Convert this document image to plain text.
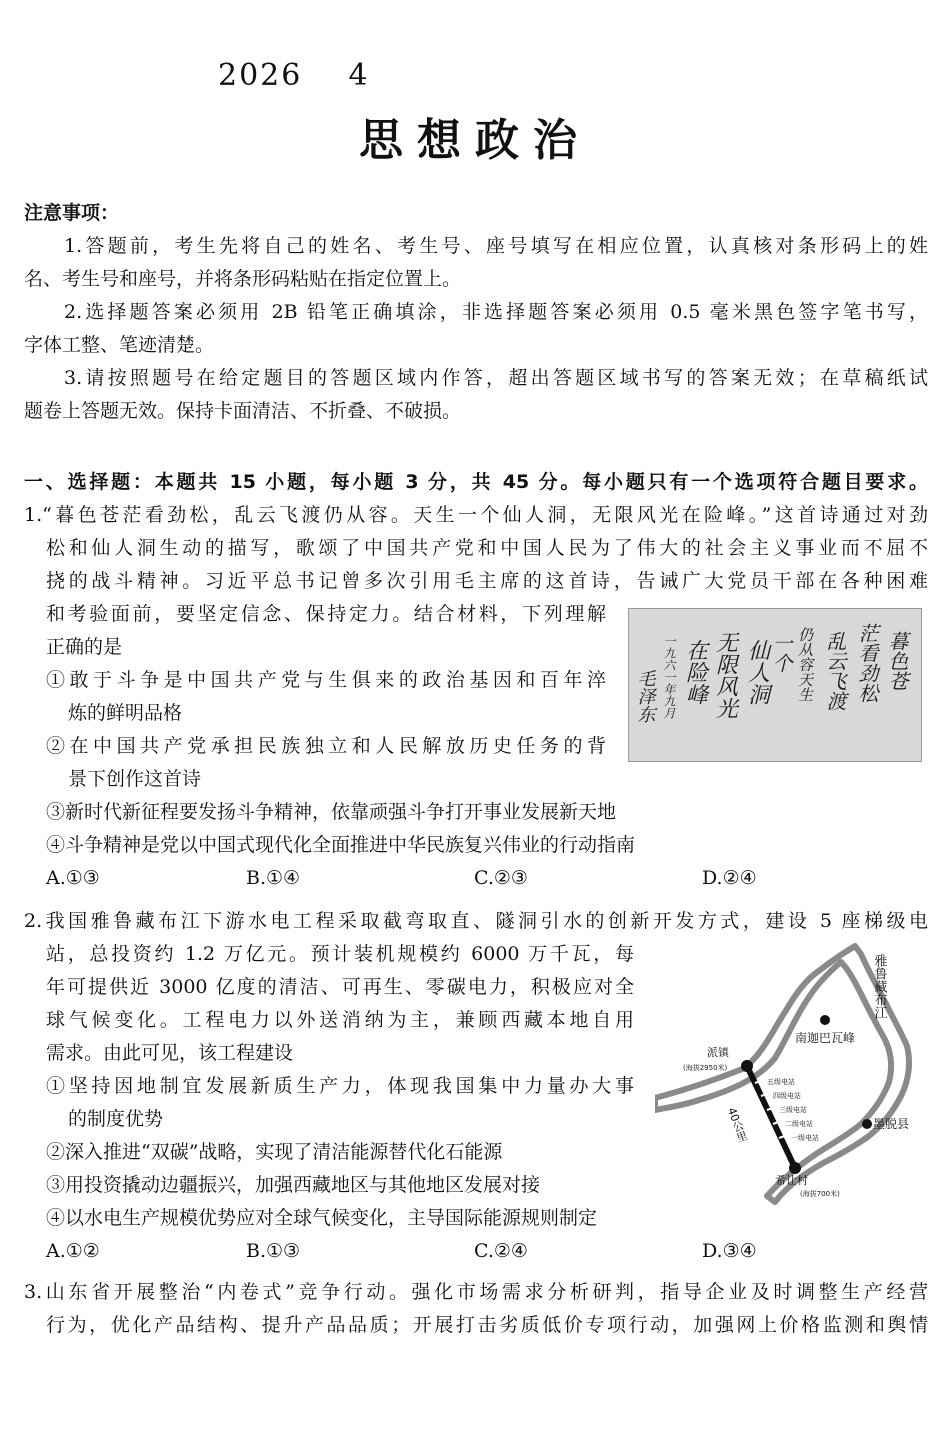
2026 4
思想政治
注意事项：
1.答题前，考生先将自己的姓名、考生号、座号填写在相应位置，认真核对条形码上的姓
名、考生号和座号，并将条形码粘贴在指定位置上。
2.选择题答案必须用 2B 铅笔正确填涂，非选择题答案必须用 0.5 毫米黑色签字笔书写，
字体工整、笔迹清楚。
3.请按照题号在给定题目的答题区域内作答，超出答题区域书写的答案无效；在草稿纸试
题卷上答题无效。保持卡面清洁、不折叠、不破损。
一、选择题：本题共 15 小题，每小题 3 分，共 45 分。每小题只有一个选项符合题目要求。
1.“暮色苍茫看劲松，乱云飞渡仍从容。天生一个仙人洞，无限风光在险峰。”这首诗通过对劲
松和仙人洞生动的描写，歌颂了中国共产党和中国人民为了伟大的社会主义事业而不屈不
挠的战斗精神。习近平总书记曾多次引用毛主席的这首诗，告诫广大党员干部在各种困难
和考验面前，要坚定信念、保持定力。结合材料，下列理解
正确的是
①敢于斗争是中国共产党与生俱来的政治基因和百年淬
炼的鲜明品格
②在中国共产党承担民族独立和人民解放历史任务的背
景下创作这首诗
③新时代新征程要发扬斗争精神，依靠顽强斗争打开事业发展新天地
④斗争精神是党以中国式现代化全面推进中华民族复兴伟业的行动指南
A.①③	B.①④	C.②③	D.②④
暮色苍
茫看劲松
乱云飞渡
仍从容天生
一个
仙人洞
无限风光
在险峰
一九六一年九月
毛泽东
2.我国雅鲁藏布江下游水电工程采取截弯取直、隧洞引水的创新开发方式，建设 5 座梯级电
站，总投资约 1.2 万亿元。预计装机规模约 6000 万千瓦，每
年可提供近 3000 亿度的清洁、可再生、零碳电力，积极应对全
球气候变化。工程电力以外送消纳为主，兼顾西藏本地自用
需求。由此可见，该工程建设
①坚持因地制宜发展新质生产力，体现我国集中力量办大事
的制度优势
②深入推进“双碳”战略，实现了清洁能源替代化石能源
③用投资撬动边疆振兴，加强西藏地区与其他地区发展对接
④以水电生产规模优势应对全球气候变化，主导国际能源规则制定
A.①②	B.①③	C.②④	D.③④
雅鲁藏布江
南迦巴瓦峰
派镇
(海拔2950米)
希让村
(海拔700米)
墨脱县
40公里
五级电站
四级电站
三级电站
二级电站
一级电站
3.山东省开展整治“内卷式”竞争行动。强化市场需求分析研判，指导企业及时调整生产经营
行为，优化产品结构、提升产品品质；开展打击劣质低价专项行动，加强网上价格监测和舆情
